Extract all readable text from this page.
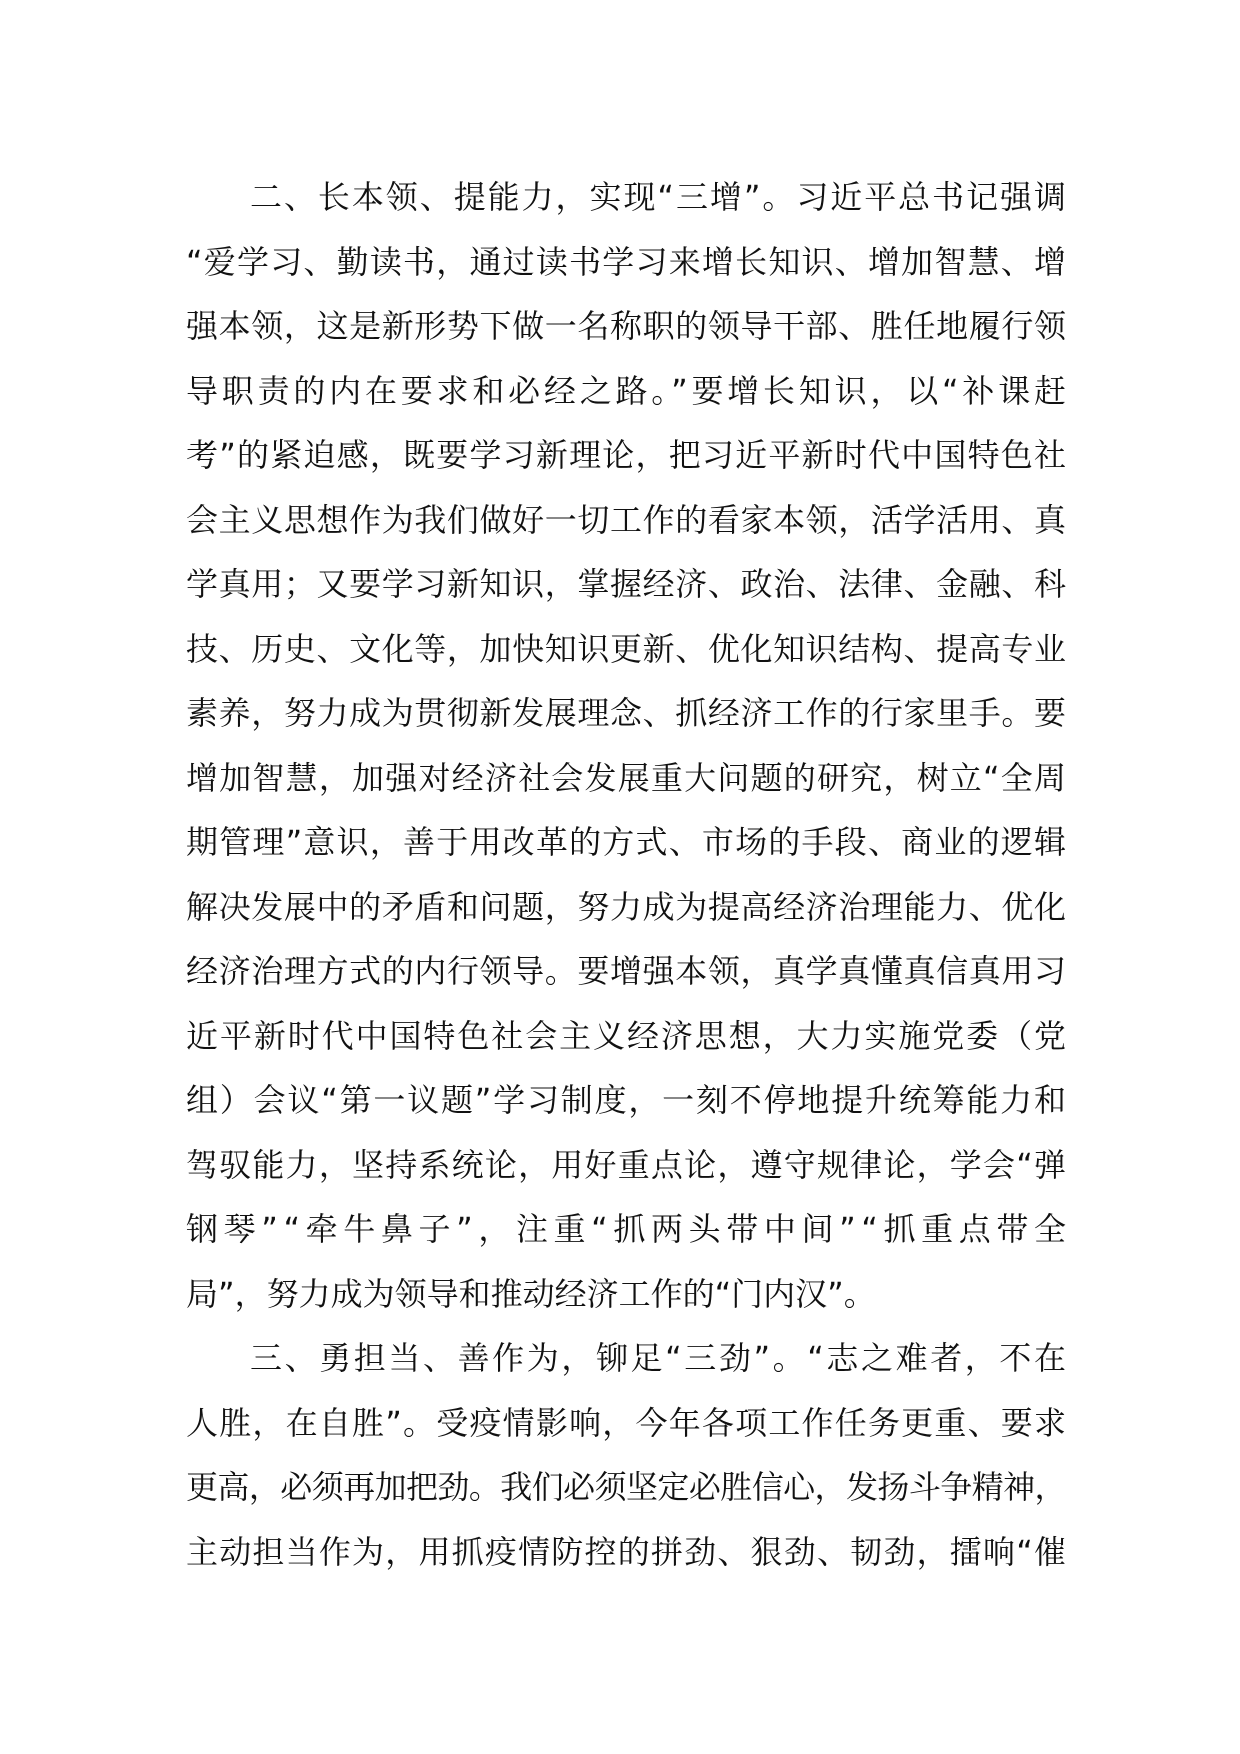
二、长本领、提能力，实现“三增”。习近平总书记强调
“爱学习、勤读书，通过读书学习来增长知识、增加智慧、增
强本领，这是新形势下做一名称职的领导干部、胜任地履行领
导职责的内在要求和必经之路。”要增长知识，以“补课赶
考”的紧迫感，既要学习新理论，把习近平新时代中国特色社
会主义思想作为我们做好一切工作的看家本领，活学活用、真
学真用；又要学习新知识，掌握经济、政治、法律、金融、科
技、历史、文化等，加快知识更新、优化知识结构、提高专业
素养，努力成为贯彻新发展理念、抓经济工作的行家里手。要
增加智慧，加强对经济社会发展重大问题的研究，树立“全周
期管理”意识，善于用改革的方式、市场的手段、商业的逻辑
解决发展中的矛盾和问题，努力成为提高经济治理能力、优化
经济治理方式的内行领导。要增强本领，真学真懂真信真用习
近平新时代中国特色社会主义经济思想，大力实施党委（党
组）会议“第一议题”学习制度，一刻不停地提升统筹能力和
驾驭能力，坚持系统论，用好重点论，遵守规律论，学会“弹
钢琴”“牵牛鼻子”，注重“抓两头带中间”“抓重点带全
局”，努力成为领导和推动经济工作的“门内汉”。
三、勇担当、善作为，铆足“三劲”。“志之难者，不在
人胜，在自胜”。受疫情影响，今年各项工作任务更重、要求
更高，必须再加把劲。我们必须坚定必胜信心，发扬斗争精神，
主动担当作为，用抓疫情防控的拼劲、狠劲、韧劲，擂响“催
